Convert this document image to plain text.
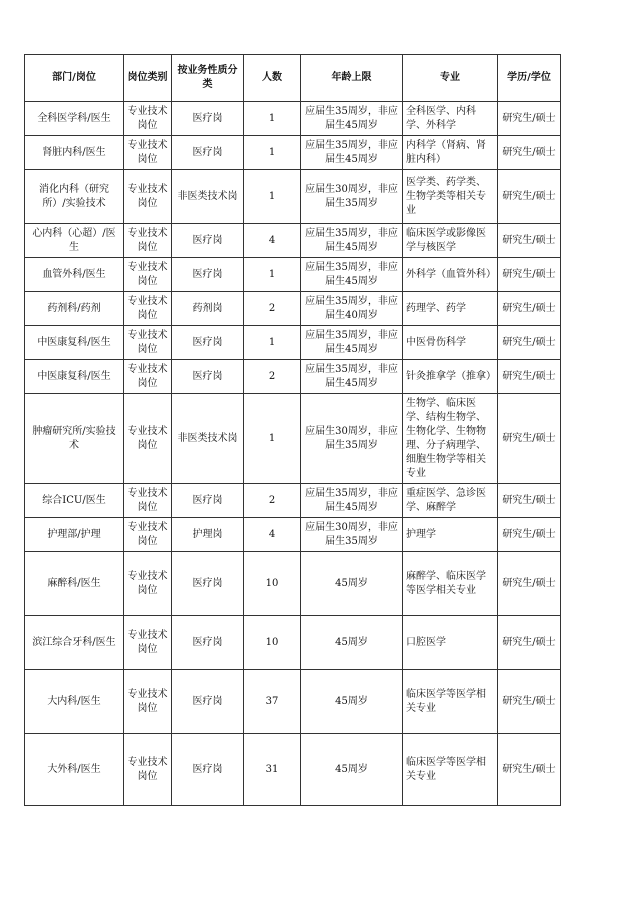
部门/岗位	岗位类别	按业务性质分类	人数	年龄上限	专业	学历/学位
全科医学科/医生	专业技术岗位	医疗岗	1	应届生35周岁，非应届生45周岁	全科医学、内科学、外科学	研究生/硕士
肾脏内科/医生	专业技术岗位	医疗岗	1	应届生35周岁，非应届生45周岁	内科学（肾病、肾脏内科）	研究生/硕士
消化内科（研究所）/实验技术	专业技术岗位	非医类技术岗	1	应届生30周岁，非应届生35周岁	医学类、药学类、生物学类等相关专业	研究生/硕士
心内科（心超）/医生	专业技术岗位	医疗岗	4	应届生35周岁，非应届生45周岁	临床医学或影像医学与核医学	研究生/硕士
血管外科/医生	专业技术岗位	医疗岗	1	应届生35周岁，非应届生45周岁	外科学（血管外科）	研究生/硕士
药剂科/药剂	专业技术岗位	药剂岗	2	应届生35周岁，非应届生40周岁	药理学、药学	研究生/硕士
中医康复科/医生	专业技术岗位	医疗岗	1	应届生35周岁，非应届生45周岁	中医骨伤科学	研究生/硕士
中医康复科/医生	专业技术岗位	医疗岗	2	应届生35周岁，非应届生45周岁	针灸推拿学（推拿）	研究生/硕士
肿瘤研究所/实验技术	专业技术岗位	非医类技术岗	1	应届生30周岁，非应届生35周岁	生物学、临床医学、结构生物学、生物化学、生物物理、分子病理学、细胞生物学等相关专业	研究生/硕士
综合ICU/医生	专业技术岗位	医疗岗	2	应届生35周岁，非应届生45周岁	重症医学、急诊医学、麻醉学	研究生/硕士
护理部/护理	专业技术岗位	护理岗	4	应届生30周岁，非应届生35周岁	护理学	研究生/硕士
麻醉科/医生	专业技术岗位	医疗岗	10	45周岁	麻醉学、临床医学等医学相关专业	研究生/硕士
滨江综合牙科/医生	专业技术岗位	医疗岗	10	45周岁	口腔医学	研究生/硕士
大内科/医生	专业技术岗位	医疗岗	37	45周岁	临床医学等医学相关专业	研究生/硕士
大外科/医生	专业技术岗位	医疗岗	31	45周岁	临床医学等医学相关专业	研究生/硕士
